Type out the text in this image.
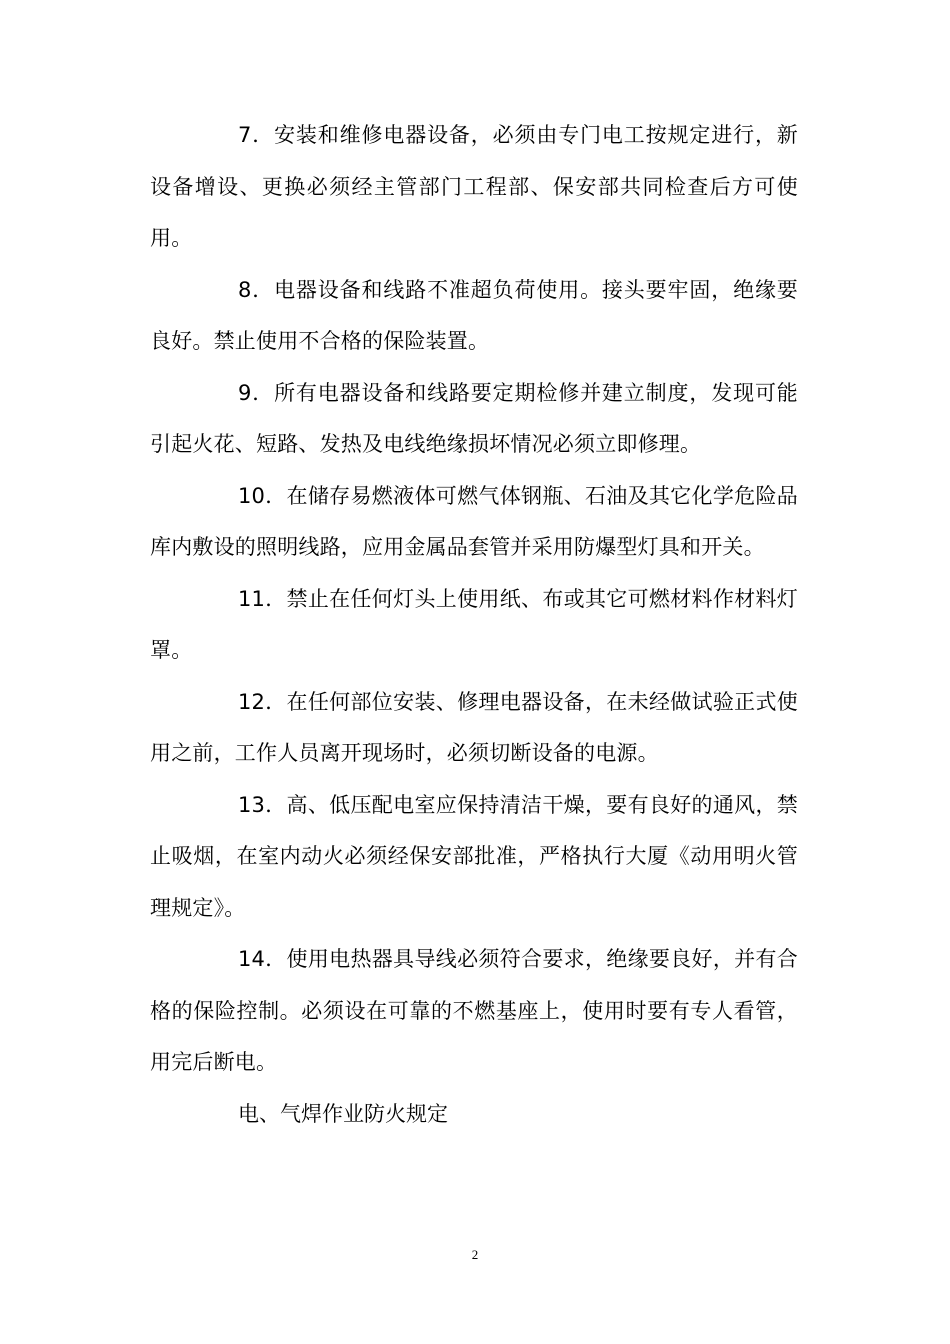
7．安装和维修电器设备，必须由专门电工按规定进行，新设备增设、更换必须经主管部门工程部、保安部共同检查后方可使用。

8．电器设备和线路不准超负荷使用。接头要牢固，绝缘要良好。禁止使用不合格的保险装置。

9．所有电器设备和线路要定期检修并建立制度，发现可能引起火花、短路、发热及电线绝缘损坏情况必须立即修理。

10．在储存易燃液体可燃气体钢瓶、石油及其它化学危险品库内敷设的照明线路，应用金属品套管并采用防爆型灯具和开关。

11．禁止在任何灯头上使用纸、布或其它可燃材料作材料灯罩。

12．在任何部位安装、修理电器设备，在未经做试验正式使用之前，工作人员离开现场时，必须切断设备的电源。

13．高、低压配电室应保持清洁干燥，要有良好的通风，禁止吸烟，在室内动火必须经保安部批准，严格执行大厦《动用明火管理规定》。

14．使用电热器具导线必须符合要求，绝缘要良好，并有合格的保险控制。必须设在可靠的不燃基座上，使用时要有专人看管，用完后断电。

电、气焊作业防火规定

2
